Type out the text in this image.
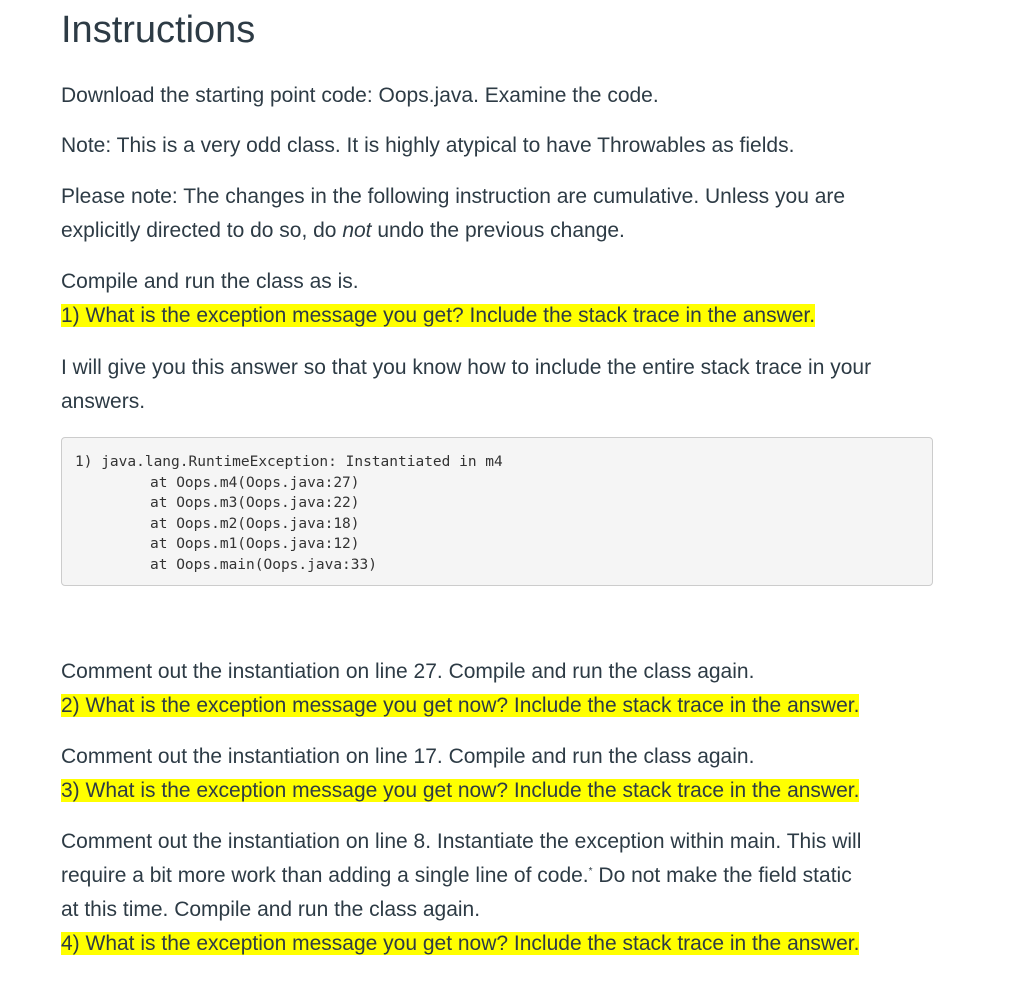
Instructions
Download the starting point code: Oops.java. Examine the code.
Note: This is a very odd class. It is highly atypical to have Throwables as fields.
Please note: The changes in the following instruction are cumulative. Unless you are
explicitly directed to do so, do not undo the previous change.
Compile and run the class as is.
1) What is the exception message you get? Include the stack trace in the answer.
I will give you this answer so that you know how to include the entire stack trace in your
answers.
1) java.lang.RuntimeException: Instantiated in m4
at Oops.m4(Oops.java:27)
at Oops.m3(Oops.java:22)
at Oops.m2(Oops.java:18)
at Oops.m1(Oops.java:12)
at Oops.main(Oops.java:33)
Comment out the instantiation on line 27. Compile and run the class again.
2) What is the exception message you get now? Include the stack trace in the answer.
Comment out the instantiation on line 17. Compile and run the class again.
3) What is the exception message you get now? Include the stack trace in the answer.
Comment out the instantiation on line 8. Instantiate the exception within main. This will
require a bit more work than adding a single line of code.* Do not make the field static
at this time. Compile and run the class again.
4) What is the exception message you get now? Include the stack trace in the answer.
